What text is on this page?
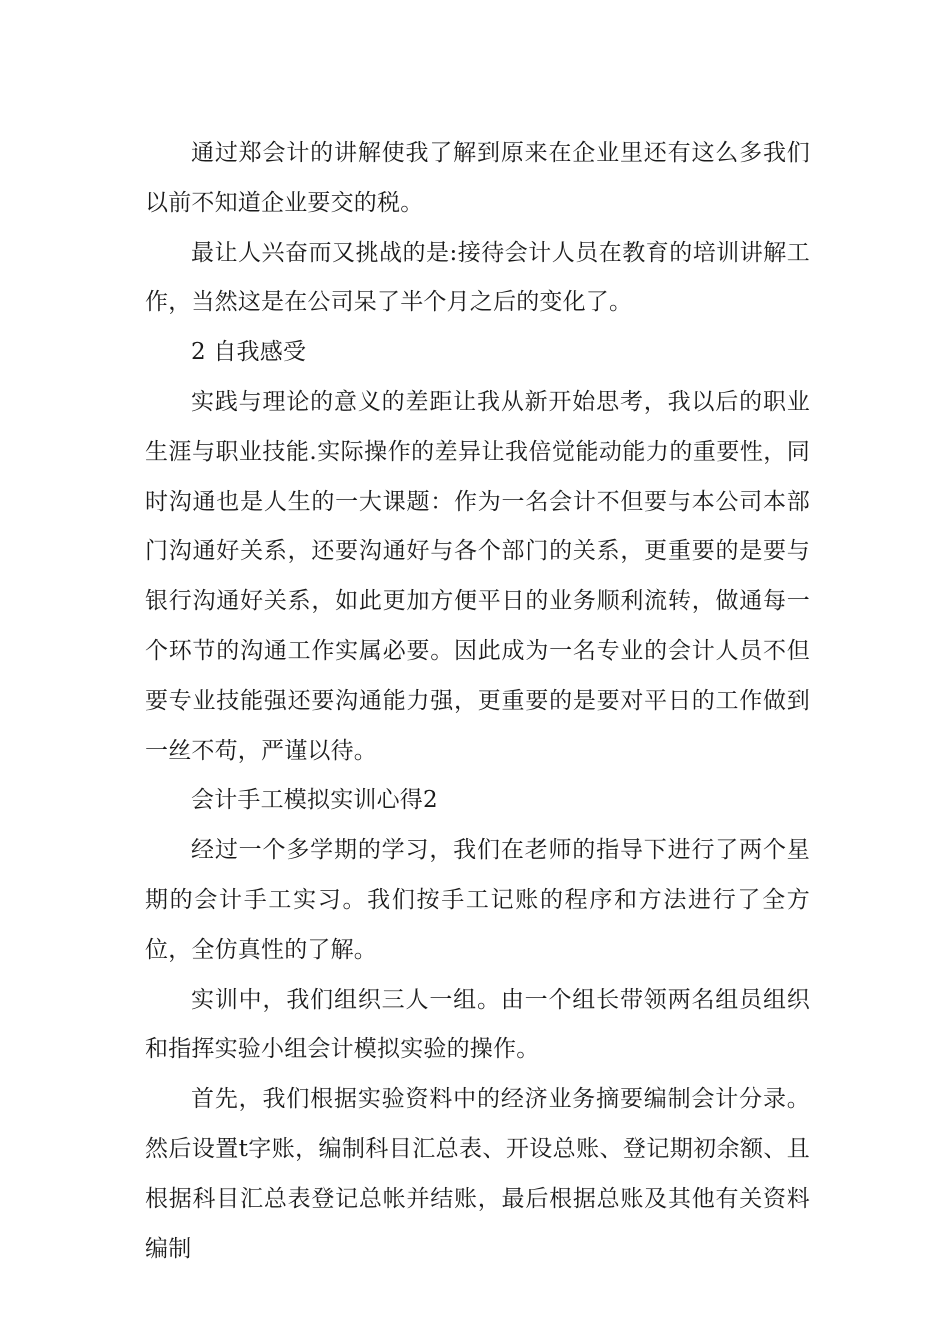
通过郑会计的讲解使我了解到原来在企业里还有这么多我们以前不知道企业要交的税。

最让人兴奋而又挑战的是:接待会计人员在教育的培训讲解工作，当然这是在公司呆了半个月之后的变化了。

2 自我感受

实践与理论的意义的差距让我从新开始思考，我以后的职业生涯与职业技能.实际操作的差异让我倍觉能动能力的重要性，同时沟通也是人生的一大课题：作为一名会计不但要与本公司本部门沟通好关系，还要沟通好与各个部门的关系，更重要的是要与银行沟通好关系，如此更加方便平日的业务顺利流转，做通每一个环节的沟通工作实属必要。因此成为一名专业的会计人员不但要专业技能强还要沟通能力强，更重要的是要对平日的工作做到一丝不苟，严谨以待。

会计手工模拟实训心得2

经过一个多学期的学习，我们在老师的指导下进行了两个星期的会计手工实习。我们按手工记账的程序和方法进行了全方位，全仿真性的了解。

实训中，我们组织三人一组。由一个组长带领两名组员组织和指挥实验小组会计模拟实验的操作。

首先，我们根据实验资料中的经济业务摘要编制会计分录。然后设置t字账，编制科目汇总表、开设总账、登记期初余额、且根据科目汇总表登记总帐并结账，最后根据总账及其他有关资料编制
